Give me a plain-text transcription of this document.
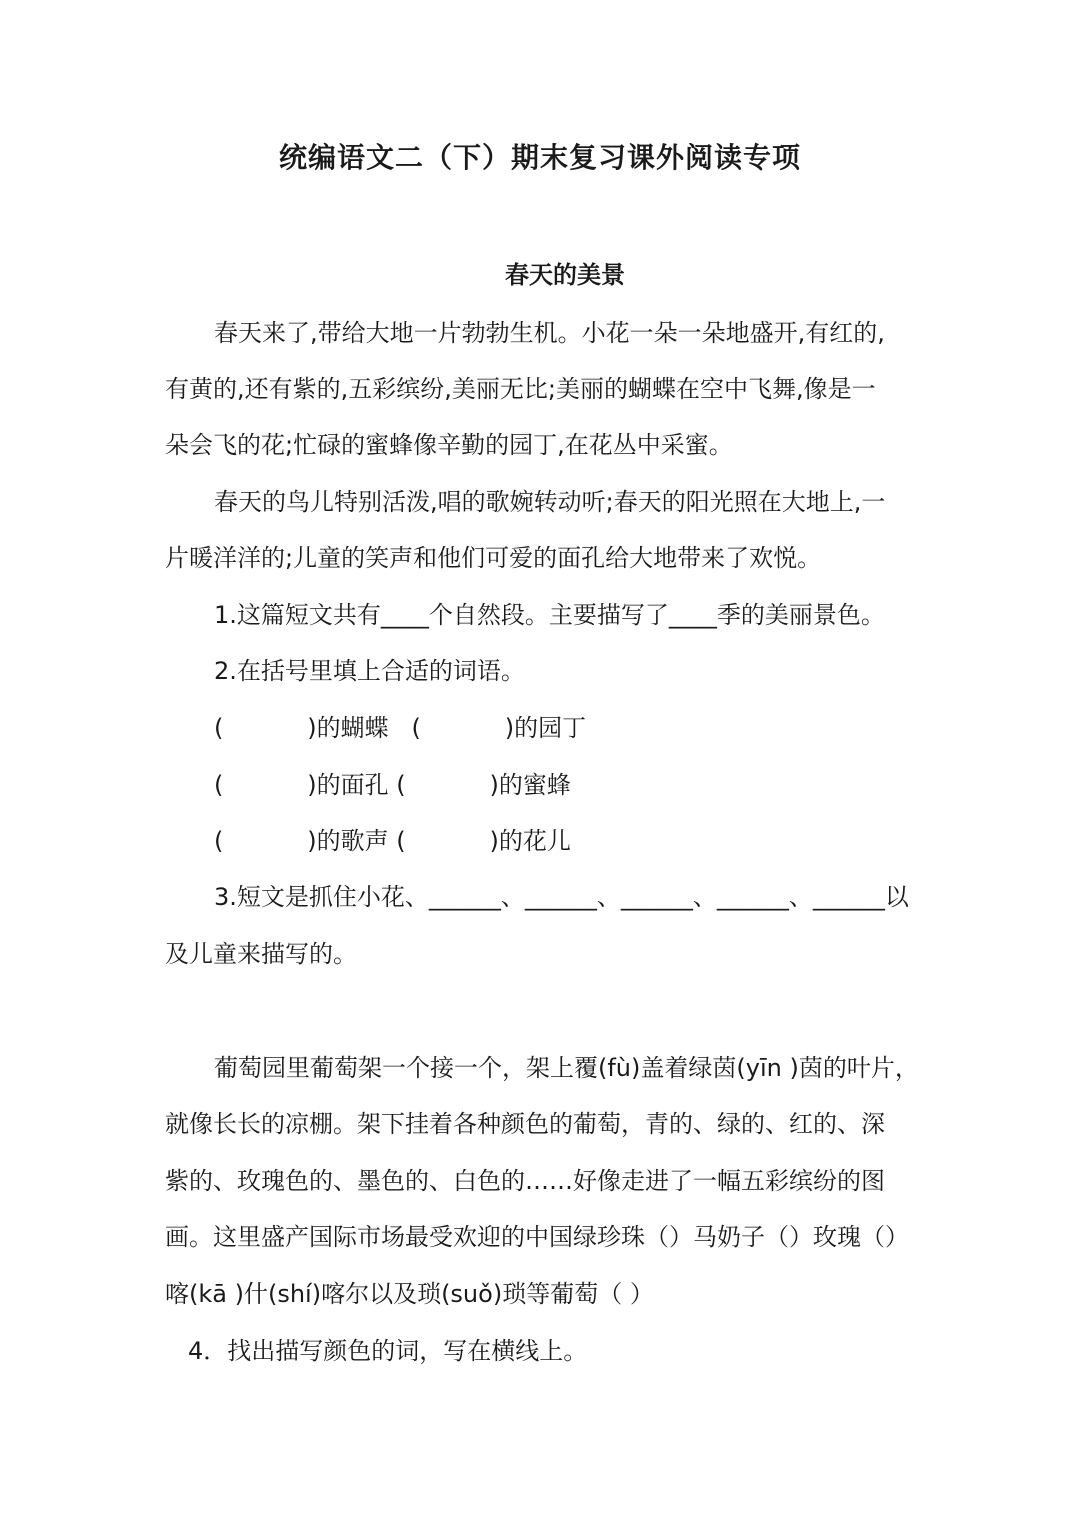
统编语文二（下）期末复习课外阅读专项
春天的美景

春天来了,带给大地一片勃勃生机。小花一朵一朵地盛开,有红的,

有黄的,还有紫的,五彩缤纷,美丽无比;美丽的蝴蝶在空中飞舞,像是一

朵会飞的花;忙碌的蜜蜂像辛勤的园丁,在花丛中采蜜。

春天的鸟儿特别活泼,唱的歌婉转动听;春天的阳光照在大地上,一

片暖洋洋的;儿童的笑声和他们可爱的面孔给大地带来了欢悦。

1.这篇短文共有____个自然段。主要描写了____季的美丽景色。

2.在括号里填上合适的词语。

(           )的蝴蝶   (           )的园丁

(           )的面孔 (           )的蜜蜂

(           )的歌声 (           )的花儿

3.短文是抓住小花、______、______、______、______、______以

及儿童来描写的。

葡萄园里葡萄架一个接一个，架上覆(fù)盖着绿茵(yīn )茵的叶片，

就像长长的凉棚。架下挂着各种颜色的葡萄，青的、绿的、红的、深

紫的、玫瑰色的、墨色的、白色的……好像走进了一幅五彩缤纷的图

画。这里盛产国际市场最受欢迎的中国绿珍珠（）马奶子（）玫瑰（）

喀(kā )什(shí)喀尔以及琐(suǒ)琐等葡萄（ ）

4．找出描写颜色的词，写在横线上。
